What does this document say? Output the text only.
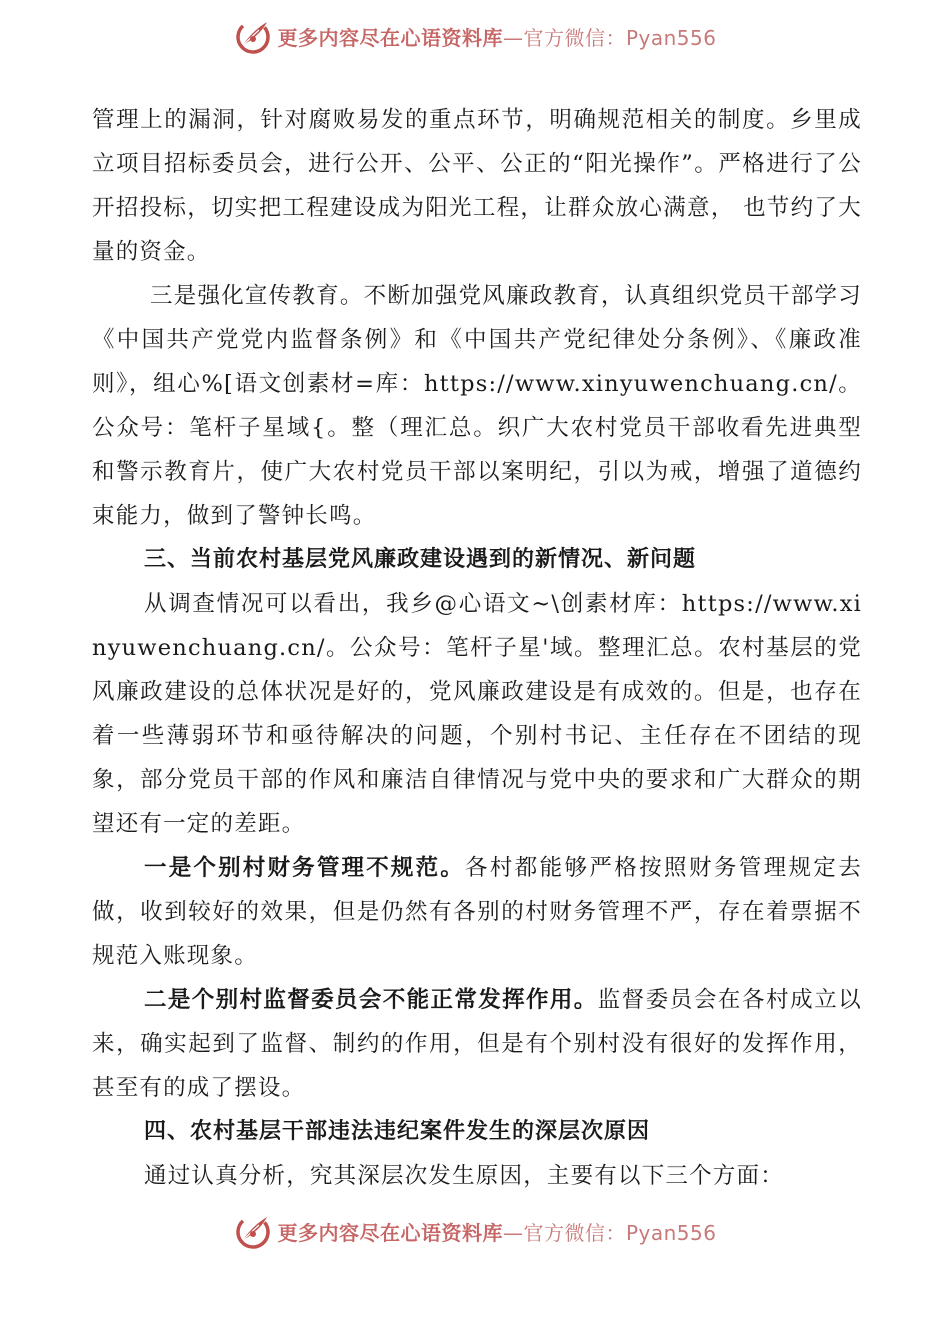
更多内容尽在心语资料库—官方微信：Pyan556

管理上的漏洞，针对腐败易发的重点环节，明确规范相关的制度。乡里成立项目招标委员会，进行公开、公平、公正的“阳光操作”。严格进行了公开招投标，切实把工程建设成为阳光工程，让群众放心满意， 也节约了大量的资金。

三是强化宣传教育。不断加强党风廉政教育，认真组织党员干部学习《中国共产党党内监督条例》和《中国共产党纪律处分条例》、《廉政准则》，组心%[语文创素材=库：https://www.xinyuwenchuang.cn/。公众号：笔杆子星域{。整（理汇总。织广大农村党员干部收看先进典型和警示教育片，使广大农村党员干部以案明纪，引以为戒，增强了道德约束能力，做到了警钟长鸣。

三、当前农村基层党风廉政建设遇到的新情况、新问题

从调查情况可以看出，我乡@心语文~\创素材库：https://www.xinyuwenchuang.cn/。公众号：笔杆子星'域。整理汇总。农村基层的党风廉政建设的总体状况是好的，党风廉政建设是有成效的。但是，也存在着一些薄弱环节和亟待解决的问题，个别村书记、主任存在不团结的现象，部分党员干部的作风和廉洁自律情况与党中央的要求和广大群众的期望还有一定的差距。

一是个别村财务管理不规范。各村都能够严格按照财务管理规定去做，收到较好的效果，但是仍然有各别的村财务管理不严，存在着票据不规范入账现象。

二是个别村监督委员会不能正常发挥作用。监督委员会在各村成立以来，确实起到了监督、制约的作用，但是有个别村没有很好的发挥作用，甚至有的成了摆设。

四、农村基层干部违法违纪案件发生的深层次原因

通过认真分析，究其深层次发生原因，主要有以下三个方面：

更多内容尽在心语资料库—官方微信：Pyan556
